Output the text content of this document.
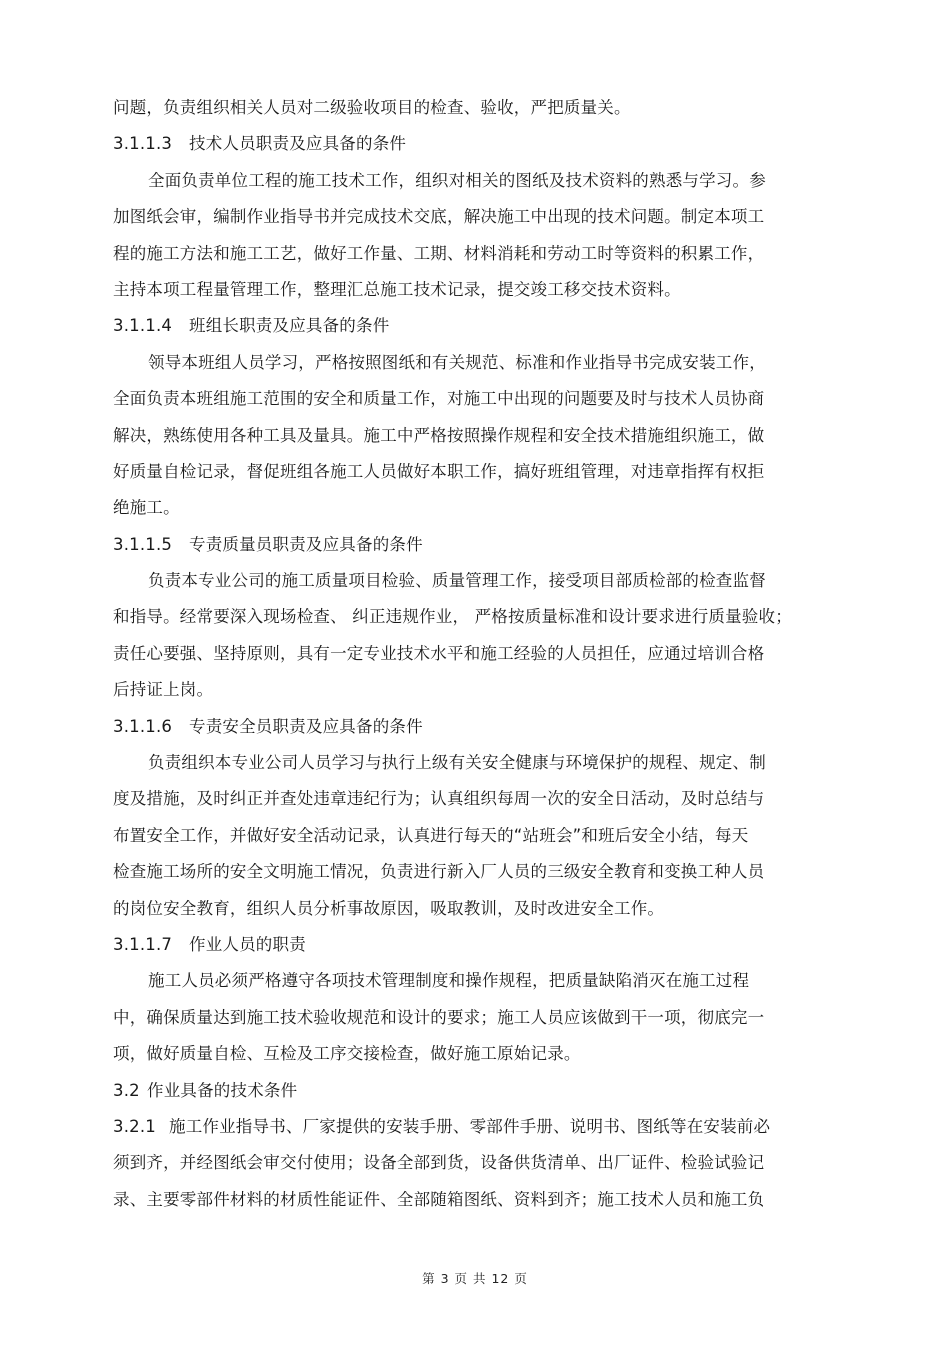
问题，负责组织相关人员对二级验收项目的检查、验收，严把质量关。
3.1.1.3 技术人员职责及应具备的条件
全面负责单位工程的施工技术工作，组织对相关的图纸及技术资料的熟悉与学习。参
加图纸会审，编制作业指导书并完成技术交底，解决施工中出现的技术问题。制定本项工
程的施工方法和施工工艺，做好工作量、工期、材料消耗和劳动工时等资料的积累工作，
主持本项工程量管理工作，整理汇总施工技术记录，提交竣工移交技术资料。
3.1.1.4 班组长职责及应具备的条件
领导本班组人员学习，严格按照图纸和有关规范、标准和作业指导书完成安装工作，
全面负责本班组施工范围的安全和质量工作，对施工中出现的问题要及时与技术人员协商
解决，熟练使用各种工具及量具。施工中严格按照操作规程和安全技术措施组织施工，做
好质量自检记录，督促班组各施工人员做好本职工作，搞好班组管理，对违章指挥有权拒
绝施工。
3.1.1.5 专责质量员职责及应具备的条件
负责本专业公司的施工质量项目检验、质量管理工作，接受项目部质检部的检查监督
和指导。经常要深入现场检查、 纠正违规作业， 严格按质量标准和设计要求进行质量验收；
责任心要强、坚持原则，具有一定专业技术水平和施工经验的人员担任，应通过培训合格
后持证上岗。
3.1.1.6 专责安全员职责及应具备的条件
负责组织本专业公司人员学习与执行上级有关安全健康与环境保护的规程、规定、制
度及措施，及时纠正并查处违章违纪行为；认真组织每周一次的安全日活动，及时总结与
布置安全工作，并做好安全活动记录，认真进行每天的“站班会”和班后安全小结，每天
检查施工场所的安全文明施工情况，负责进行新入厂人员的三级安全教育和变换工种人员
的岗位安全教育，组织人员分析事故原因，吸取教训，及时改进安全工作。
3.1.1.7 作业人员的职责
施工人员必须严格遵守各项技术管理制度和操作规程，把质量缺陷消灭在施工过程
中，确保质量达到施工技术验收规范和设计的要求；施工人员应该做到干一项，彻底完一
项，做好质量自检、互检及工序交接检查，做好施工原始记录。
3.2 作业具备的技术条件
3.2.1 施工作业指导书、厂家提供的安装手册、零部件手册、说明书、图纸等在安装前必
须到齐，并经图纸会审交付使用；设备全部到货，设备供货清单、出厂证件、检验试验记
录、主要零部件材料的材质性能证件、全部随箱图纸、资料到齐；施工技术人员和施工负
第 3 页 共 12 页
